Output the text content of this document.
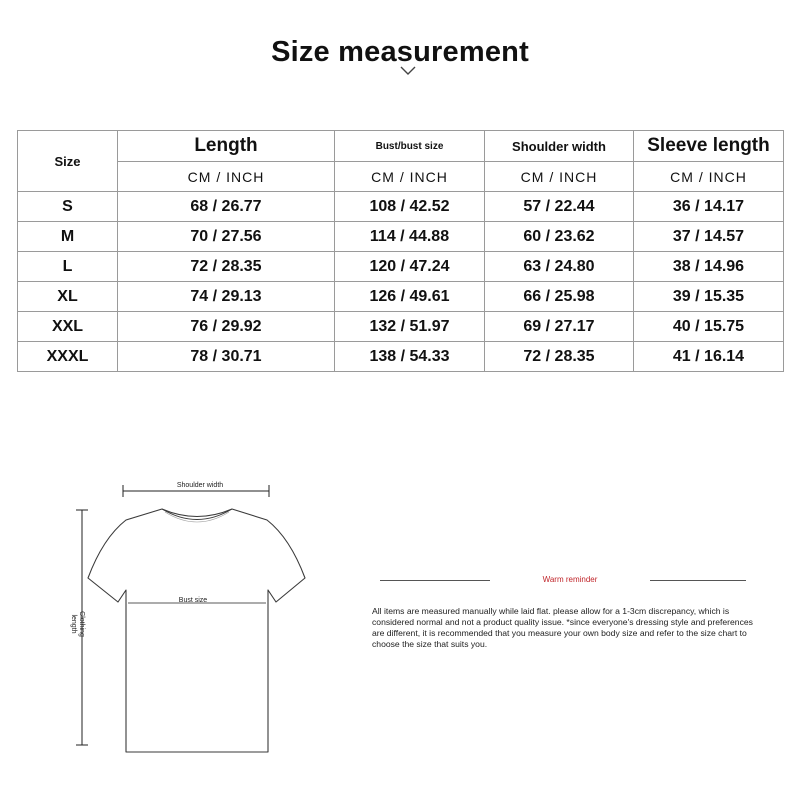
Size measurement
Size	Length	Bust/bust size	Shoulder width	Sleeve length
	CM / INCH	CM / INCH	CM / INCH	CM / INCH
S	68 / 26.77	108 / 42.52	57 / 22.44	36 / 14.17
M	70 / 27.56	114 / 44.88	60 / 23.62	37 / 14.57
L	72 / 28.35	120 / 47.24	63 / 24.80	38 / 14.96
XL	74 / 29.13	126 / 49.61	66 / 25.98	39 / 15.35
XXL	76 / 29.92	132 / 51.97	69 / 27.17	40 / 15.75
XXXL	78 / 30.71	138 / 54.33	72 / 28.35	41 / 16.14
Shoulder width
Bust size
Clothing length
Warm reminder
All items are measured manually while laid flat. please allow for a 1-3cm discrepancy, which is considered normal and not a product quality issue. *since everyone's dressing style and preferences are different, it is recommended that you measure your own body size and refer to the size chart to choose the size that suits you.
